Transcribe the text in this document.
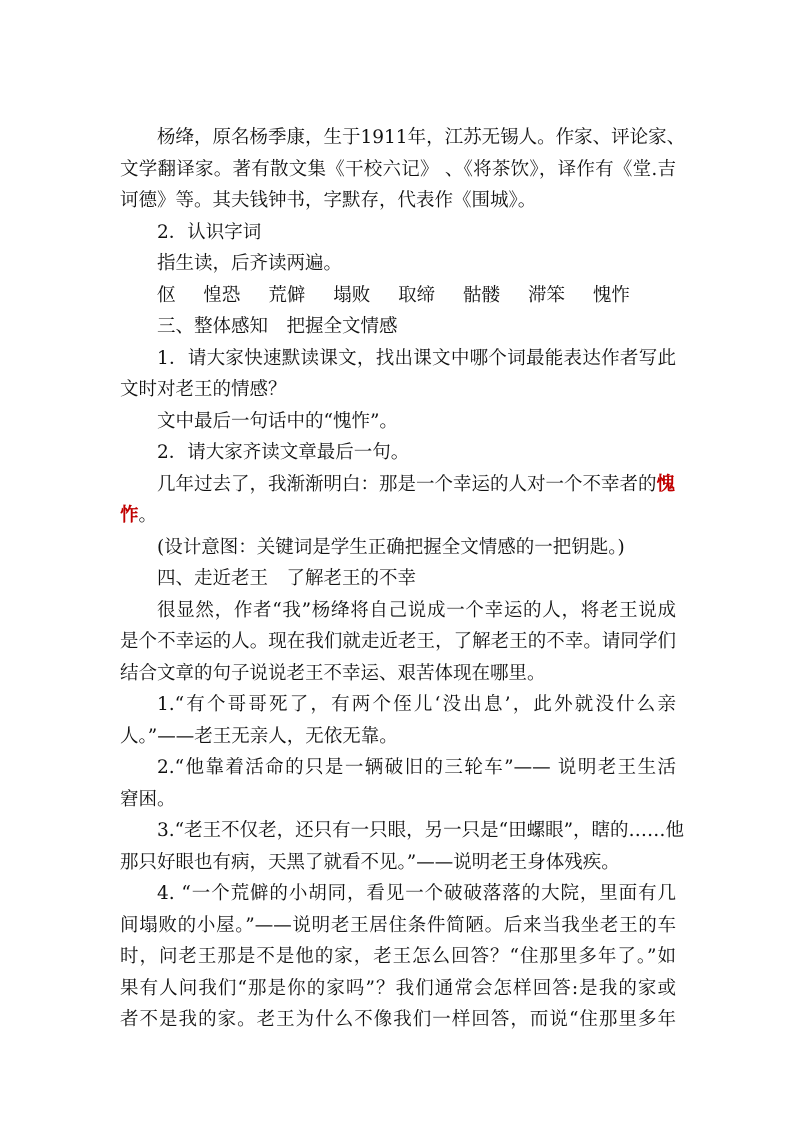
杨绛，原名杨季康，生于1911年，江苏无锡人。作家、评论家、
文学翻译家。著有散文集《干校六记》 、《将茶饮》，译作有《堂.吉
诃德》等。其夫钱钟书，字默存，代表作《围城》。
2．认识字词
指生读，后齐读两遍。
伛 惶恐 荒僻 塌败 取缔 骷髅 滞笨 愧怍
三、整体感知　把握全文情感
1．请大家快速默读课文，找出课文中哪个词最能表达作者写此
文时对老王的情感？
文中最后一句话中的“愧怍”。
2．请大家齐读文章最后一句。
几年过去了，我渐渐明白：那是一个幸运的人对一个不幸者的愧
怍。
(设计意图：关键词是学生正确把握全文情感的一把钥匙。)
四、走近老王　了解老王的不幸
很显然，作者“我”杨绛将自己说成一个幸运的人，将老王说成
是个不幸运的人。现在我们就走近老王，了解老王的不幸。请同学们
结合文章的句子说说老王不幸运、艰苦体现在哪里。
1.“有个哥哥死了，有两个侄儿‘没出息’，此外就没什么亲
人。”——老王无亲人，无依无靠。
2.“他靠着活命的只是一辆破旧的三轮车”—— 说明老王生活
窘困。
3.“老王不仅老，还只有一只眼，另一只是“田螺眼”，瞎的……他
那只好眼也有病，天黑了就看不见。”——说明老王身体残疾。
4. “一个荒僻的小胡同，看见一个破破落落的大院，里面有几
间塌败的小屋。”——说明老王居住条件简陋。后来当我坐老王的车
时，问老王那是不是他的家，老王怎么回答？“住那里多年了。”如
果有人问我们“那是你的家吗”？我们通常会怎样回答:是我的家或
者不是我的家。老王为什么不像我们一样回答，而说“住那里多年
